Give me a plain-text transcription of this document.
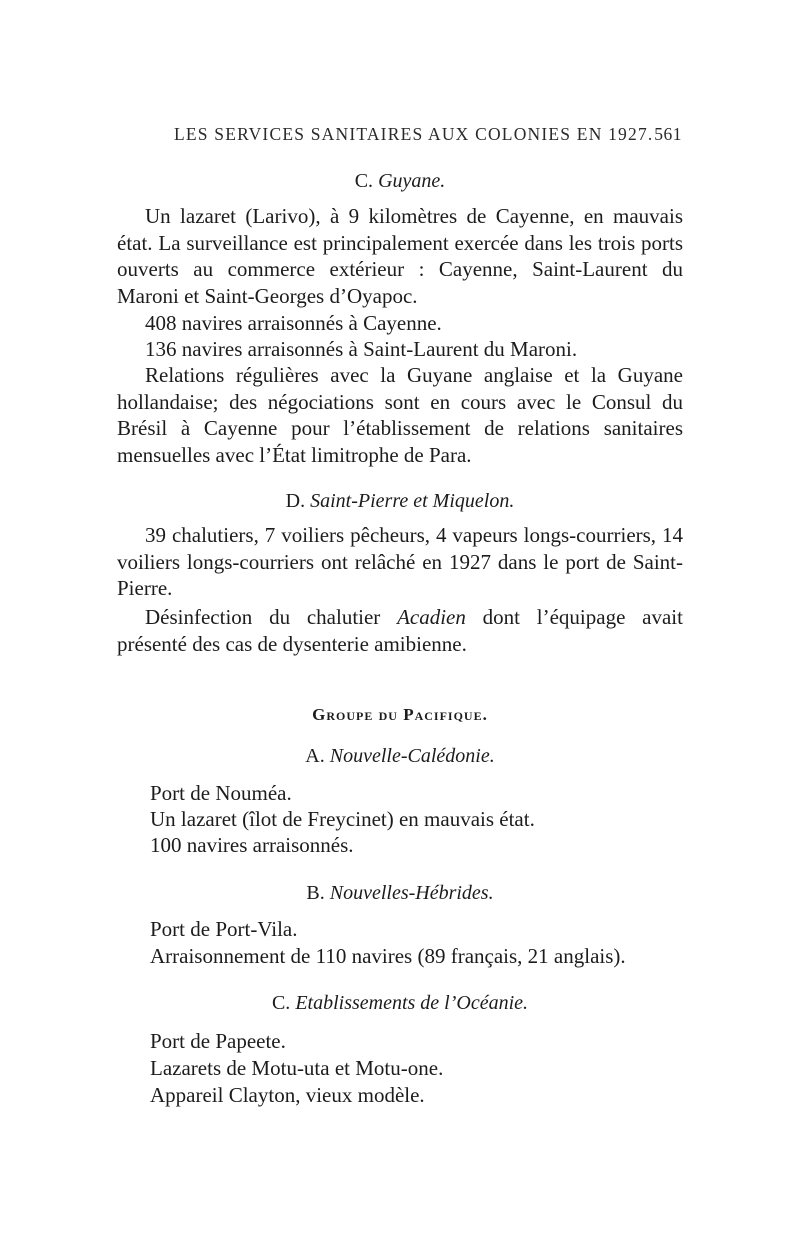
LES SERVICES SANITAIRES AUX COLONIES EN 1927. 561
C. Guyane.
Un lazaret (Larivo), à 9 kilomètres de Cayenne, en mauvais état. La surveillance est principalement exercée dans les trois ports ouverts au commerce extérieur : Cayenne, Saint-Laurent du Maroni et Saint-Georges d’Oyapoc.
408 navires arraisonnés à Cayenne.
136 navires arraisonnés à Saint-Laurent du Maroni.
Relations régulières avec la Guyane anglaise et la Guyane hollandaise; des négociations sont en cours avec le Consul du Brésil à Cayenne pour l’établissement de relations sanitaires mensuelles avec l’État limitrophe de Para.
D. Saint-Pierre et Miquelon.
39 chalutiers, 7 voiliers pêcheurs, 4 vapeurs longs-courriers, 14 voiliers longs-courriers ont relâché en 1927 dans le port de Saint-Pierre.
Désinfection du chalutier Acadien dont l’équipage avait présenté des cas de dysenterie amibienne.
Groupe du Pacifique.
A. Nouvelle-Calédonie.
Port de Nouméa.
Un lazaret (îlot de Freycinet) en mauvais état.
100 navires arraisonnés.
B. Nouvelles-Hébrides.
Port de Port-Vila.
Arraisonnement de 110 navires (89 français, 21 anglais).
C. Etablissements de l’Océanie.
Port de Papeete.
Lazarets de Motu-uta et Motu-one.
Appareil Clayton, vieux modèle.
